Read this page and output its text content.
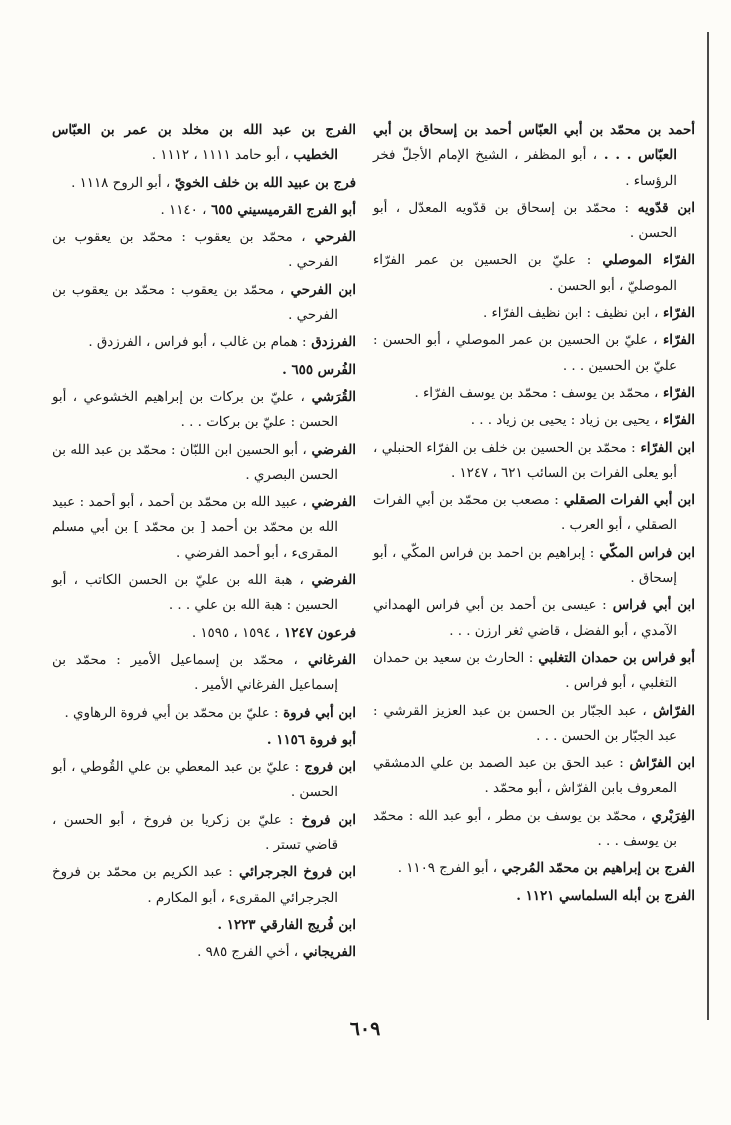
أحمد بن محمّد بن أبي العبّاس أحمد بن إسحاق بن أبي العبّاس . . . ، أبو المظفر ، الشيخ الإمام الأجلّ فخر الرؤساء .

ابن قدّويه : محمّد بن إسحاق بن قدّويه المعدّل ، أبو الحسن .

الفرّاء الموصلي : عليّ بن الحسين بن عمر الفرّاء الموصليّ ، أبو الحسن .

الفرّاء ، ابن نظيف : ابن نظيف الفرّاء .

الفرّاء ، عليّ بن الحسين بن عمر الموصلي ، أبو الحسن : عليّ بن الحسين . . .

الفرّاء ، محمّد بن يوسف : محمّد بن يوسف الفرّاء .

الفرّاء ، يحيى بن زياد : يحيى بن زياد . . .

ابن الفرّاء : محمّد بن الحسين بن خلف بن الفرّاء الحنبلي ، أبو يعلى الفرات بن السائب ٦٢١ ، ١٢٤٧ .

ابن أبي الفرات الصقلي : مصعب بن محمّد بن أبي الفرات الصقلي ، أبو العرب .

ابن فراس المكّي : إبراهيم بن احمد بن فراس المكّي ، أبو إسحاق .

ابن أبي فراس : عيسى بن أحمد بن أبي فراس الهمداني الآمدي ، أبو الفضل ، قاضي ثغر ارزن . . .

أبو فراس بن حمدان التغلبي : الحارث بن سعيد بن حمدان التغلبي ، أبو فراس .

الفرّاش ، عبد الجبّار بن الحسن بن عبد العزيز القرشي : عبد الجبّار بن الحسن . . .

ابن الفرّاش : عبد الحق بن عبد الصمد بن علي الدمشقي المعروف بابن الفرّاش ، أبو محمّد .

الفِرَبْري ، محمّد بن يوسف بن مطر ، أبو عبد الله : محمّد بن يوسف . . .

الفرج بن إبراهيم بن محمّد المُرجي ، أبو الفرج ١١٠٩ .

الفرج بن أبله السلماسي ١١٢١ .

الفرج بن عبد الله بن مخلد بن عمر بن العبّاس الخطيب ، أبو حامد ١١١١ ، ١١١٢ .

فرج بن عبيد الله بن خلف الخويّ ، أبو الروح ١١١٨ .

أبو الفرج القرميسيني ٦٥٥ ، ١١٤٠ .

الفرحي ، محمّد بن يعقوب : محمّد بن يعقوب بن الفرحي .

ابن الفرحي ، محمّد بن يعقوب : محمّد بن يعقوب بن الفرحي .

الفرزدق : همام بن غالب ، أبو فراس ، الفرزدق .

الفُرس ٦٥٥ .

القُرَشي ، عليّ بن بركات بن إبراهيم الخشوعي ، أبو الحسن : عليّ بن بركات . . .

الفرضي ، أبو الحسين ابن اللبّان : محمّد بن عبد الله بن الحسن البصري .

الفرضي ، عبيد الله بن محمّد بن أحمد ، أبو أحمد : عبيد الله بن محمّد بن أحمد [ بن محمّد ] بن أبي مسلم المقرىء ، أبو أحمد الفرضي .

الفرضي ، هبة الله بن عليّ بن الحسن الكاتب ، أبو الحسين : هبة الله بن علي . . .

فرعون ١٢٤٧ ، ١٥٩٤ ، ١٥٩٥ .

الفرغاني ، محمّد بن إسماعيل الأمير : محمّد بن إسماعيل الفرغاني الأمير .

ابن أبي فروة : عليّ بن محمّد بن أبي فروة الرهاوي .

أبو فروة ١١٥٦ .

ابن فروج : عليّ بن عبد المعطي بن علي القُوطي ، أبو الحسن .

ابن فروخ : عليّ بن زكريا بن فروخ ، أبو الحسن ، قاضي تستر .

ابن فروخ الجرجرائي : عبد الكريم بن محمّد بن فروخ الجرجرائي المقرىء ، أبو المكارم .

ابن فُريج الفارقي ١٢٢٣ .

الفريجاني ، أخي الفرج ٩٨٥ .

٦٠٩
